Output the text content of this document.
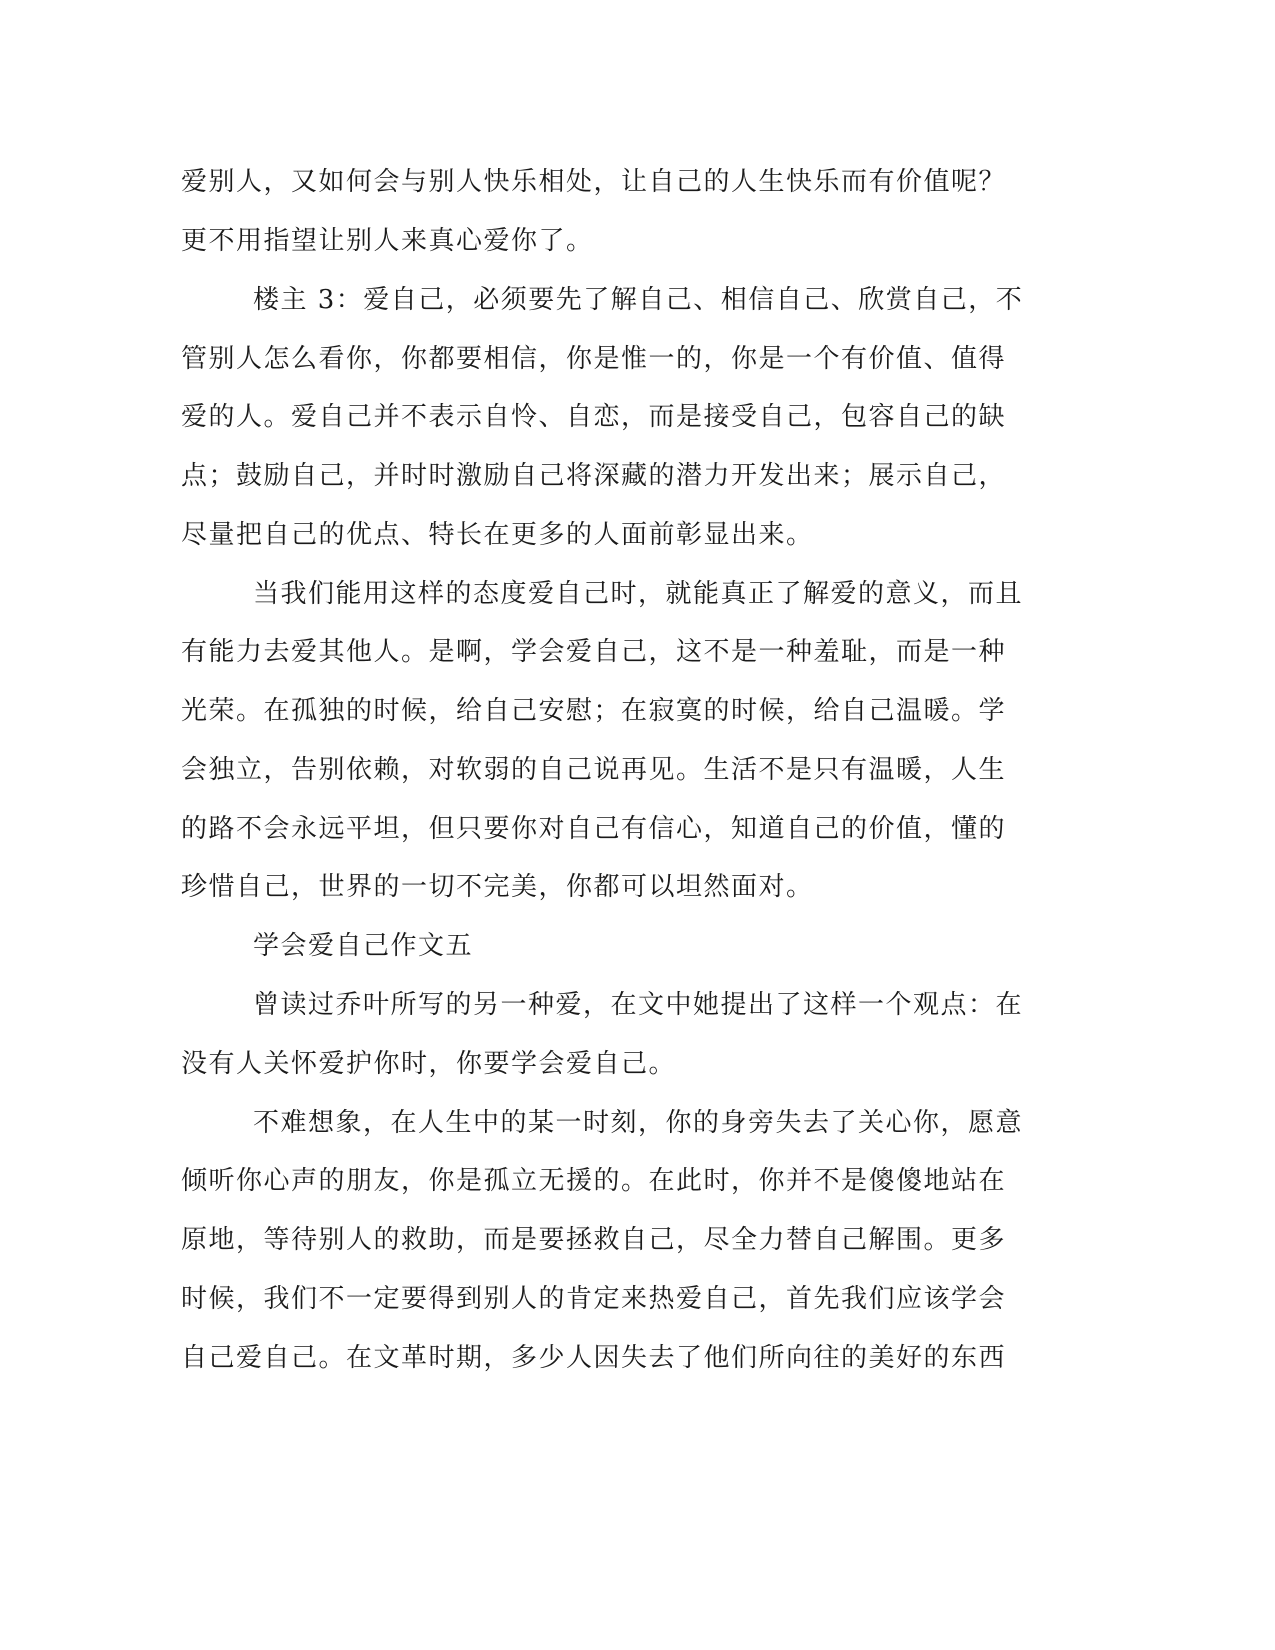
爱别人，又如何会与别人快乐相处，让自己的人生快乐而有价值呢？
更不用指望让别人来真心爱你了。
楼主 3：爱自己，必须要先了解自己、相信自己、欣赏自己，不
管别人怎么看你，你都要相信，你是惟一的，你是一个有价值、值得
爱的人。爱自己并不表示自怜、自恋，而是接受自己，包容自己的缺
点；鼓励自己，并时时激励自己将深藏的潜力开发出来；展示自己，
尽量把自己的优点、特长在更多的人面前彰显出来。
当我们能用这样的态度爱自己时，就能真正了解爱的意义，而且
有能力去爱其他人。是啊，学会爱自己，这不是一种羞耻，而是一种
光荣。在孤独的时候，给自己安慰；在寂寞的时候，给自己温暖。学
会独立，告别依赖，对软弱的自己说再见。生活不是只有温暖，人生
的路不会永远平坦，但只要你对自己有信心，知道自己的价值，懂的
珍惜自己，世界的一切不完美，你都可以坦然面对。
学会爱自己作文五
曾读过乔叶所写的另一种爱，在文中她提出了这样一个观点：在
没有人关怀爱护你时，你要学会爱自己。
不难想象，在人生中的某一时刻，你的身旁失去了关心你，愿意
倾听你心声的朋友，你是孤立无援的。在此时，你并不是傻傻地站在
原地，等待别人的救助，而是要拯救自己，尽全力替自己解围。更多
时候，我们不一定要得到别人的肯定来热爱自己，首先我们应该学会
自己爱自己。在文革时期，多少人因失去了他们所向往的美好的东西
